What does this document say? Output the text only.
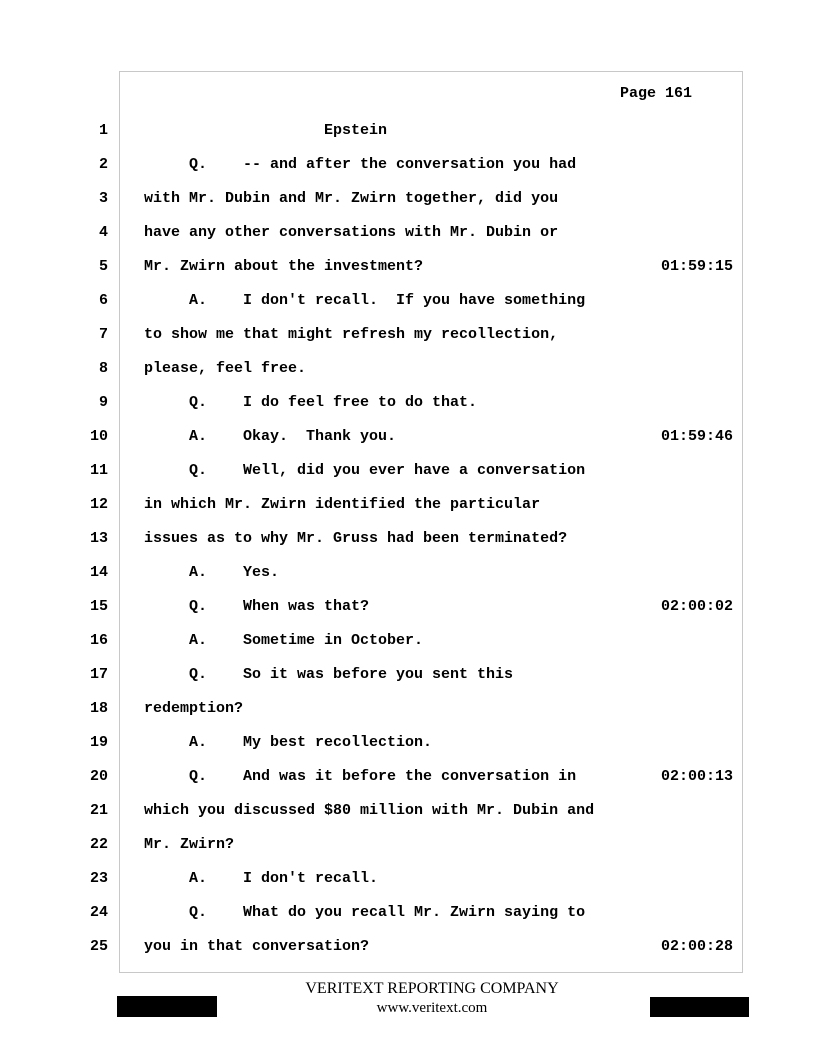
Page 161
1 Epstein
2 Q.    -- and after the conversation you had
3 with Mr. Dubin and Mr. Zwirn together, did you
4 have any other conversations with Mr. Dubin or
5 Mr. Zwirn about the investment?	01:59:15
6 A.    I don't recall.  If you have something
7 to show me that might refresh my recollection,
8 please, feel free.
9 Q.    I do feel free to do that.
10 A.    Okay.  Thank you.	01:59:46
11 Q.    Well, did you ever have a conversation
12 in which Mr. Zwirn identified the particular
13 issues as to why Mr. Gruss had been terminated?
14 A.    Yes.
15 Q.    When was that?	02:00:02
16 A.    Sometime in October.
17 Q.    So it was before you sent this
18 redemption?
19 A.    My best recollection.
20 Q.    And was it before the conversation in	02:00:13
21 which you discussed $80 million with Mr. Dubin and
22 Mr. Zwirn?
23 A.    I don't recall.
24 Q.    What do you recall Mr. Zwirn saying to
25 you in that conversation?	02:00:28
VERITEXT REPORTING COMPANY
www.veritext.com
